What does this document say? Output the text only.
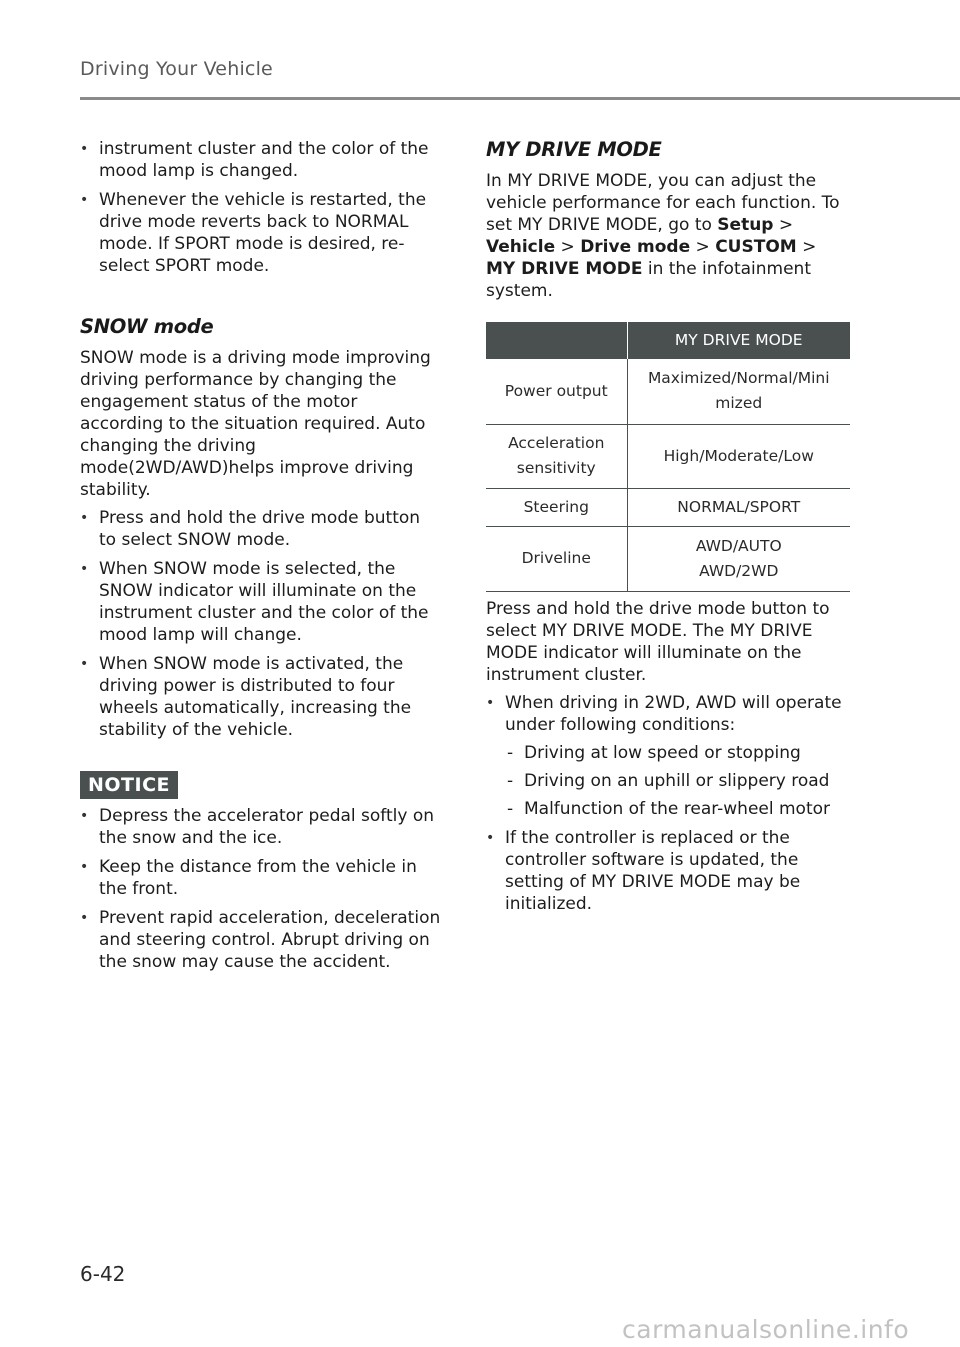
Driving Your Vehicle
• instrument cluster and the color of the mood lamp is changed.
• Whenever the vehicle is restarted, the drive mode reverts back to NORMAL mode. If SPORT mode is desired, re-select SPORT mode.
SNOW mode

SNOW mode is a driving mode improving driving performance by changing the engagement status of the motor according to the situation required. Auto changing the driving mode(2WD/AWD)helps improve driving stability.

• Press and hold the drive mode button to select SNOW mode.
• When SNOW mode is selected, the SNOW indicator will illuminate on the instrument cluster and the color of the mood lamp will change.
• When SNOW mode is activated, the driving power is distributed to four wheels automatically, increasing the stability of the vehicle.
NOTICE
• Depress the accelerator pedal softly on the snow and the ice.
• Keep the distance from the vehicle in the front.
• Prevent rapid acceleration, deceleration and steering control. Abrupt driving on the snow may cause the accident.
MY DRIVE MODE

In MY DRIVE MODE, you can adjust the vehicle performance for each function. To set MY DRIVE MODE, go to Setup > Vehicle > Drive mode > CUSTOM > MY DRIVE MODE in the infotainment system.

	MY DRIVE MODE
Power output	Maximized/Normal/Mini
mized
Acceleration
sensitivity	High/Moderate/Low
Steering	NORMAL/SPORT
Driveline	AWD/AUTO
AWD/2WD

Press and hold the drive mode button to select MY DRIVE MODE. The MY DRIVE MODE indicator will illuminate on the instrument cluster.

• When driving in 2WD, AWD will operate under following conditions:
- Driving at low speed or stopping
- Driving on an uphill or slippery road
- Malfunction of the rear-wheel motor
• If the controller is replaced or the controller software is updated, the setting of MY DRIVE MODE may be initialized.
6-42
carmanualsonline.info
